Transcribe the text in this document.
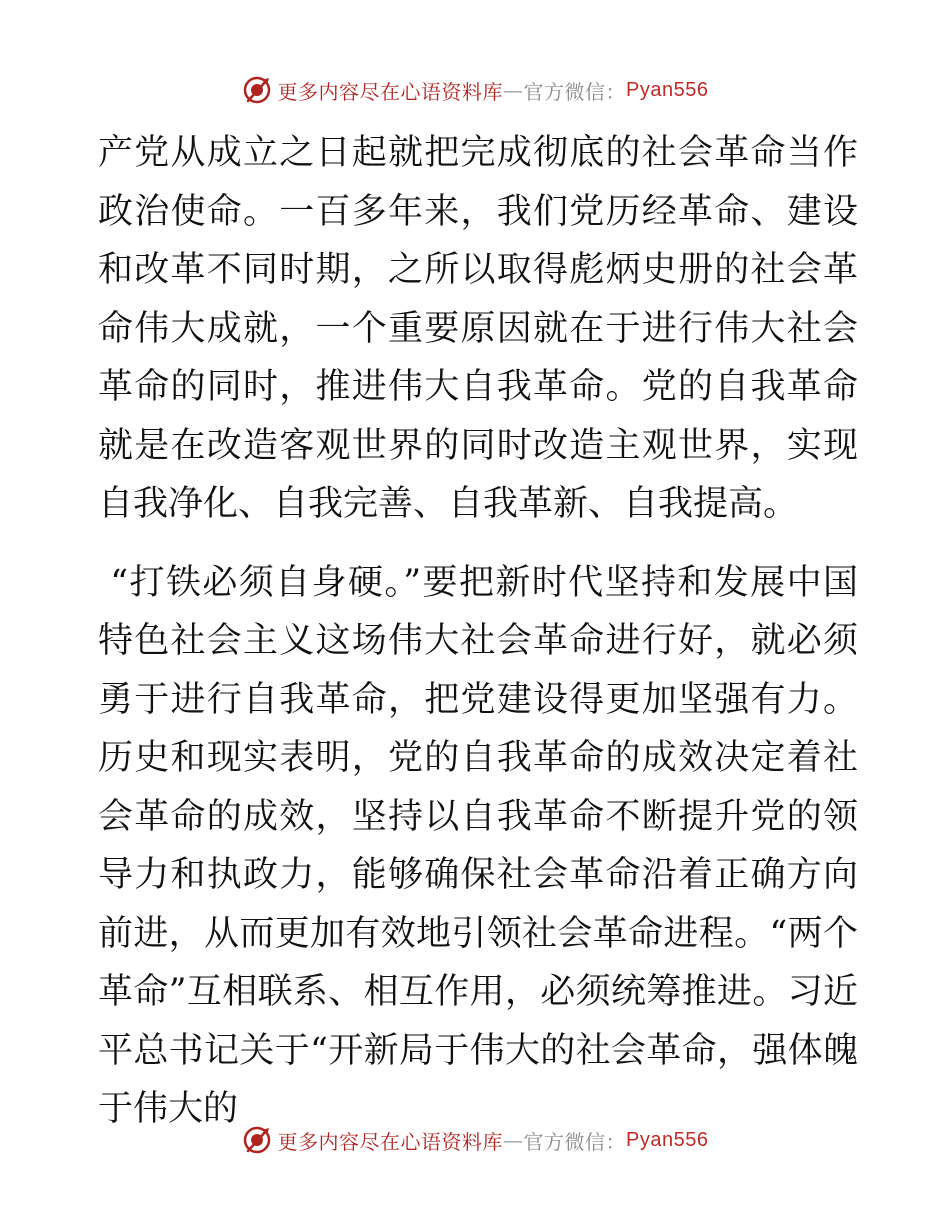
更多内容尽在心语资料库 — 官方微信： Pyan556

产党从成立之日起就把完成彻底的社会革命当作政治使命。一百多年来，我们党历经革命、建设和改革不同时期，之所以取得彪炳史册的社会革命伟大成就，一个重要原因就在于进行伟大社会革命的同时，推进伟大自我革命。党的自我革命就是在改造客观世界的同时改造主观世界，实现自我净化、自我完善、自我革新、自我提高。

“打铁必须自身硬。”要把新时代坚持和发展中国特色社会主义这场伟大社会革命进行好，就必须勇于进行自我革命，把党建设得更加坚强有力。历史和现实表明，党的自我革命的成效决定着社会革命的成效，坚持以自我革命不断提升党的领导力和执政力，能够确保社会革命沿着正确方向前进，从而更加有效地引领社会革命进程。“两个革命”互相联系、相互作用，必须统筹推进。习近平总书记关于“开新局于伟大的社会革命，强体魄于伟大的

更多内容尽在心语资料库 — 官方微信： Pyan556
